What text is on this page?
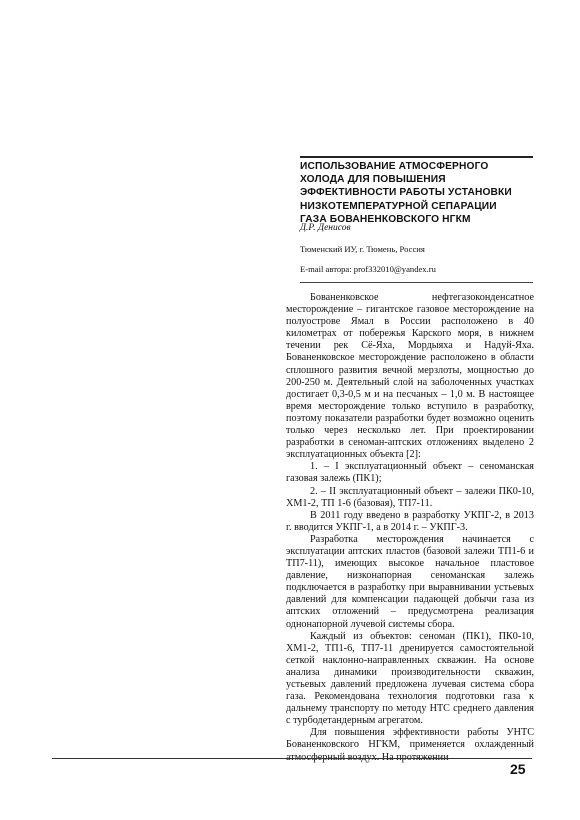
ИСПОЛЬЗОВАНИЕ АТМОСФЕРНОГО
ХОЛОДА ДЛЯ ПОВЫШЕНИЯ
ЭФФЕКТИВНОСТИ РАБОТЫ УСТАНОВКИ
НИЗКОТЕМПЕРАТУРНОЙ СЕПАРАЦИИ
ГАЗА БОВАНЕНКОВСКОГО НГКМ
Д.Р. Денисов
Тюменский ИУ, г. Тюмень, Россия
E-mail автора: prof332010@yandex.ru

Бованенковское нефтегазоконденсатное месторождение – гигантское газовое месторождение на полуострове Ямал в России расположено в 40 километрах от побережья Карского моря, в нижнем течении рек Сё-Яха, Мордыяха и Надуй-Яха. Бованенковское месторождение расположено в области сплошного развития вечной мерзлоты, мощностью до 200-250 м. Деятельный слой на заболоченных участках достигает 0,3-0,5 м и на песчаных – 1,0 м. В настоящее время месторождение только вступило в разработку, поэтому показатели разработки будет возможно оценить только через несколько лет. При проектировании разработки в сеноман-аптских отложениях выделено 2 эксплуатационных объекта [2]:

1. – I эксплуатационный объект – сеноманская газовая залежь (ПК1);

2. – II эксплуатационный объект – залежи ПК0-10, ХМ1-2, ТП 1-6 (базовая), ТП7-11.

В 2011 году введено в разработку УКПГ-2, в 2013 г. вводится УКПГ-1, а в 2014 г. – УКПГ-3.

Разработка месторождения начинается с эксплуатации аптских пластов (базовой залежи ТП1-6 и ТП7-11), имеющих высокое начальное пластовое давление, низконапорная сеноманская залежь подключается в разработку при выравнивании устьевых давлений для компенсации падающей добычи газа из аптских отложений – предусмотрена реализация однонапорной лучевой системы сбора.

Каждый из объектов: сеноман (ПК1), ПК0-10, ХМ1-2, ТП1-6, ТП7-11 дренируется самостоятельной сеткой наклонно-направленных скважин. На основе анализа динамики производительности скважин, устьевых давлений предложена лучевая система сбора газа. Рекомендована технология подготовки газа к дальнему транспорту по методу НТС среднего давления с турбодетандерным агрегатом.

Для повышения эффективности работы УНТС Бованенковского НГКМ, применяется охлажденный атмосферный воздух. На протяжении

25
